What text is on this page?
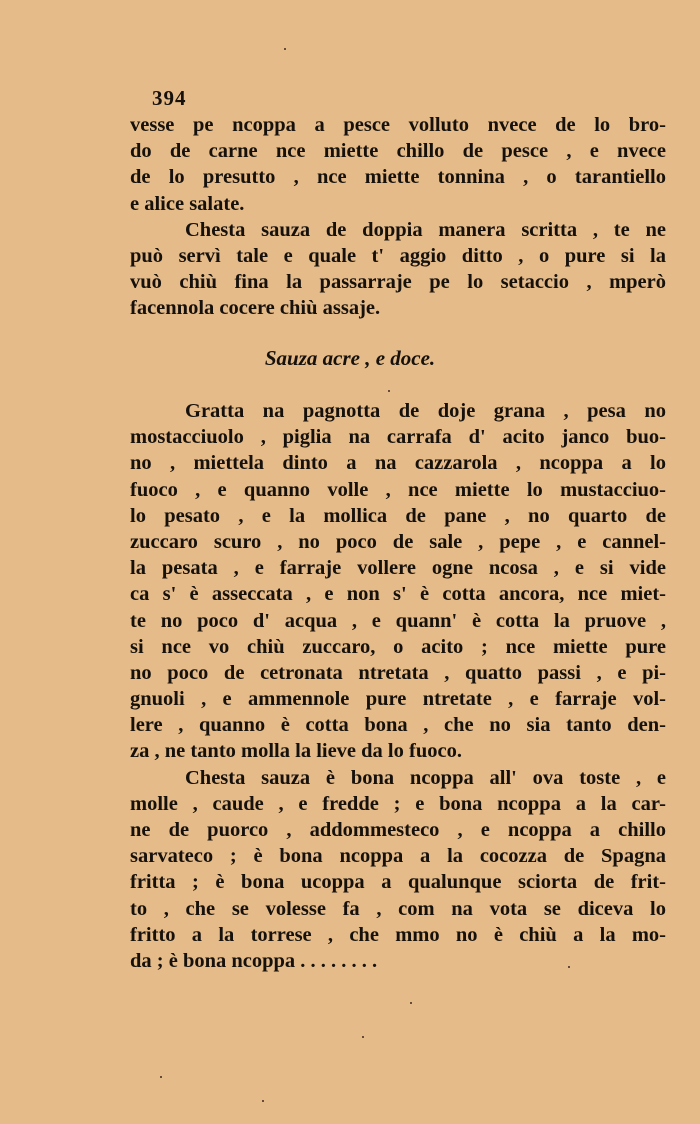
394
vesse pe ncoppa a pesce volluto nvece de lo bro-
do de carne nce miette chillo de pesce , e nvece
de lo presutto , nce miette tonnina , o tarantiello
e alice salate.
Chesta sauza de doppia manera scritta , te ne
può servì tale e quale t' aggio ditto , o pure si la
vuò chiù fina la passarraje pe lo setaccio , mperò
facennola cocere chiù assaje.
Sauza acre , e doce.
Gratta na pagnotta de doje grana , pesa no
mostacciuolo , piglia na carrafa d' acito janco buo-
no , miettela dinto a na cazzarola , ncoppa a lo
fuoco , e quanno volle , nce miette lo mustacciuo-
lo pesato , e la mollica de pane , no quarto de
zuccaro scuro , no poco de sale , pepe , e cannel-
la pesata , e farraje vollere ogne ncosa , e si vide
ca s' è asseccata , e non s' è cotta ancora, nce miet-
te no poco d' acqua , e quann' è cotta la pruove ,
si nce vo chiù zuccaro, o acito ; nce miette pure
no poco de cetronata ntretata , quatto passi , e pi-
gnuoli , e ammennole pure ntretate , e farraje vol-
lere , quanno è cotta bona , che no sia tanto den-
za , ne tanto molla la lieve da lo fuoco.
Chesta sauza è bona ncoppa all' ova toste , e
molle , caude , e fredde ; e bona ncoppa a la car-
ne de puorco , addommesteco , e ncoppa a chillo
sarvateco ; è bona ncoppa a la cocozza de Spagna
fritta ; è bona ucoppa a qualunque sciorta de frit-
to , che se volesse fa , com na vota se diceva lo
fritto a la torrese , che mmo no è chiù a la mo-
da ; è bona ncoppa . . . . . . . .
